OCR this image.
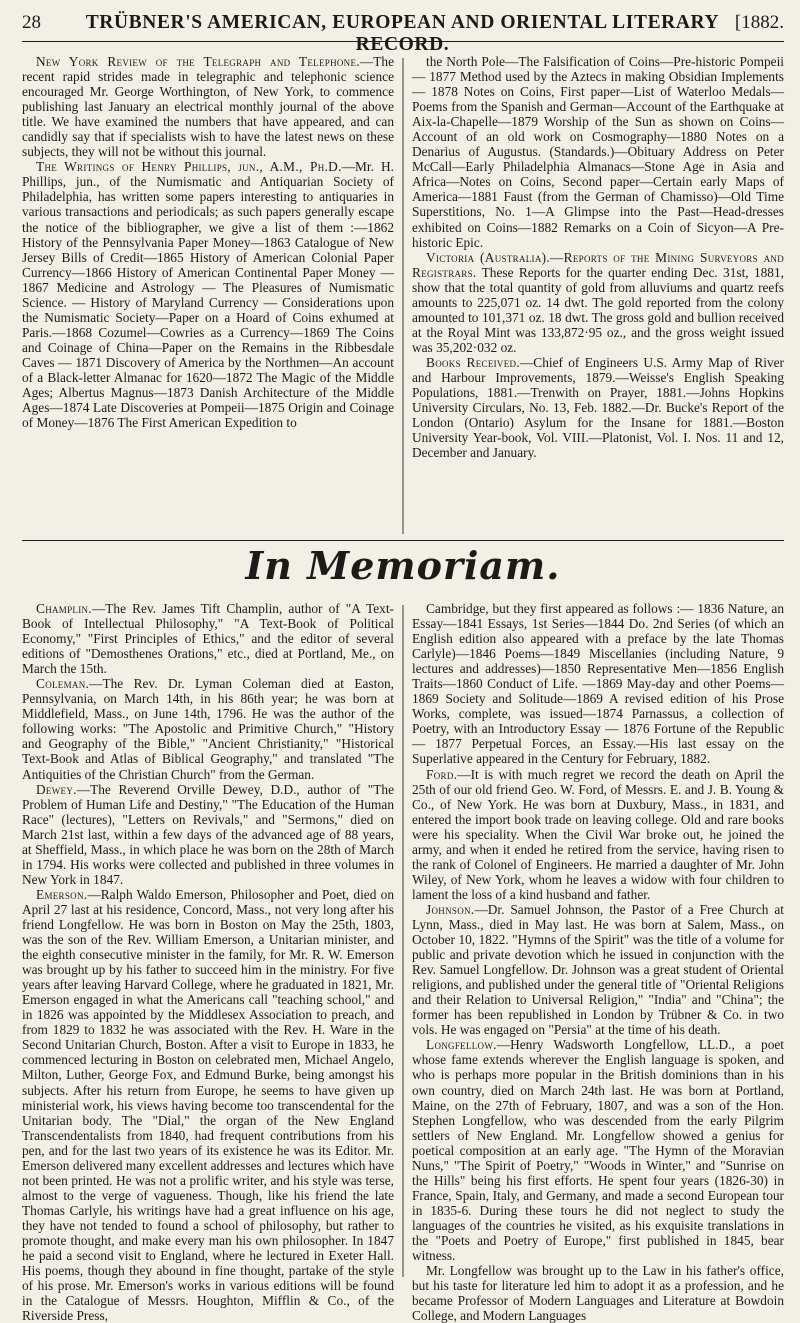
28	TRÜBNER'S AMERICAN, EUROPEAN AND ORIENTAL LITERARY RECORD.
[1882.

New York Review of the Telegraph and Telephone.—The recent rapid strides made in telegraphic and telephonic science encouraged Mr. George Worthington, of New York, to commence publishing last January an electrical monthly journal of the above title. We have examined the numbers that have appeared, and can candidly say that if specialists wish to have the latest news on these subjects, they will not be without this journal.

The Writings of Henry Phillips, jun., A.M., Ph.D.—Mr. H. Phillips, jun., of the Numismatic and Antiquarian Society of Philadelphia, has written some papers interesting to antiquaries in various transactions and periodicals; as such papers generally escape the notice of the bibliographer, we give a list of them :—1862 History of the Pennsylvania Paper Money—1863 Catalogue of New Jersey Bills of Credit—1865 History of American Colonial Paper Currency—1866 History of American Continental Paper Money — 1867 Medicine and Astrology — The Pleasures of Numismatic Science. — History of Maryland Currency — Considerations upon the Numismatic Society—Paper on a Hoard of Coins exhumed at Paris.—1868 Cozumel—Cowries as a Currency—1869 The Coins and Coinage of China—Paper on the Remains in the Ribbesdale Caves — 1871 Discovery of America by the Northmen—An account of a Black-letter Almanac for 1620—1872 The Magic of the Middle Ages; Albertus Magnus—1873 Danish Architecture of the Middle Ages—1874 Late Discoveries at Pompeii—1875 Origin and Coinage of Money—1876 The First American Expedition to

the North Pole—The Falsification of Coins—Pre-historic Pompeii — 1877 Method used by the Aztecs in making Obsidian Implements — 1878 Notes on Coins, First paper—List of Waterloo Medals—Poems from the Spanish and German—Account of the Earthquake at Aix-la-Chapelle—1879 Worship of the Sun as shown on Coins—Account of an old work on Cosmography—1880 Notes on a Denarius of Augustus. (Standards.)—Obituary Address on Peter McCall—Early Philadelphia Almanacs—Stone Age in Asia and Africa—Notes on Coins, Second paper—Certain early Maps of America—1881 Faust (from the German of Chamisso)—Old Time Superstitions, No. 1—A Glimpse into the Past—Head-dresses exhibited on Coins—1882 Remarks on a Coin of Sicyon—A Pre-historic Epic.

Victoria (Australia).—Reports of the Mining Surveyors and Registrars. These Reports for the quarter ending Dec. 31st, 1881, show that the total quantity of gold from alluviums and quartz reefs amounts to 225,071 oz. 14 dwt. The gold reported from the colony amounted to 101,371 oz. 18 dwt. The gross gold and bullion received at the Royal Mint was 133,872·95 oz., and the gross weight issued was 35,202·032 oz.

Books Received.—Chief of Engineers U.S. Army Map of River and Harbour Improvements, 1879.—Weisse's English Speaking Populations, 1881.—Trenwith on Prayer, 1881.—Johns Hopkins University Circulars, No. 13, Feb. 1882.—Dr. Bucke's Report of the London (Ontario) Asylum for the Insane for 1881.—Boston University Year-book, Vol. VIII.—Platonist, Vol. I. Nos. 11 and 12, December and January.

In Memoriam.

Champlin.—The Rev. James Tift Champlin, author of "A Text-Book of Intellectual Philosophy," "A Text-Book of Political Economy," "First Principles of Ethics," and the editor of several editions of "Demosthenes Orations," etc., died at Portland, Me., on March the 15th.

Coleman.—The Rev. Dr. Lyman Coleman died at Easton, Pennsylvania, on March 14th, in his 86th year; he was born at Middlefield, Mass., on June 14th, 1796. He was the author of the following works: "The Apostolic and Primitive Church," "History and Geography of the Bible," "Ancient Christianity," "Historical Text-Book and Atlas of Biblical Geography," and translated "The Antiquities of the Christian Church" from the German.

Dewey.—The Reverend Orville Dewey, D.D., author of "The Problem of Human Life and Destiny," "The Education of the Human Race" (lectures), "Letters on Revivals," and "Sermons," died on March 21st last, within a few days of the advanced age of 88 years, at Sheffield, Mass., in which place he was born on the 28th of March in 1794. His works were collected and published in three volumes in New York in 1847.

Emerson.—Ralph Waldo Emerson, Philosopher and Poet, died on April 27 last at his residence, Concord, Mass., not very long after his friend Longfellow. He was born in Boston on May the 25th, 1803, was the son of the Rev. William Emerson, a Unitarian minister, and the eighth consecutive minister in the family, for Mr. R. W. Emerson was brought up by his father to succeed him in the ministry. For five years after leaving Harvard College, where he graduated in 1821, Mr. Emerson engaged in what the Americans call "teaching school," and in 1826 was appointed by the Middlesex Association to preach, and from 1829 to 1832 he was associated with the Rev. H. Ware in the Second Unitarian Church, Boston. After a visit to Europe in 1833, he commenced lecturing in Boston on celebrated men, Michael Angelo, Milton, Luther, George Fox, and Edmund Burke, being amongst his subjects. After his return from Europe, he seems to have given up ministerial work, his views having become too transcendental for the Unitarian body. The "Dial," the organ of the New England Transcendentalists from 1840, had frequent contributions from his pen, and for the last two years of its existence he was its Editor. Mr. Emerson delivered many excellent addresses and lectures which have not been printed. He was not a prolific writer, and his style was terse, almost to the verge of vagueness. Though, like his friend the late Thomas Carlyle, his writings have had a great influence on his age, they have not tended to found a school of philosophy, but rather to promote thought, and make every man his own philosopher. In 1847 he paid a second visit to England, where he lectured in Exeter Hall. His poems, though they abound in fine thought, partake of the style of his prose. Mr. Emerson's works in various editions will be found in the Catalogue of Messrs. Houghton, Mifflin & Co., of the Riverside Press,

Cambridge, but they first appeared as follows :— 1836 Nature, an Essay—1841 Essays, 1st Series—1844 Do. 2nd Series (of which an English edition also appeared with a preface by the late Thomas Carlyle)—1846 Poems—1849 Miscellanies (including Nature, 9 lectures and addresses)—1850 Representative Men—1856 English Traits—1860 Conduct of Life. —1869 May-day and other Poems—1869 Society and Solitude—1869 A revised edition of his Prose Works, complete, was issued—1874 Parnassus, a collection of Poetry, with an Introductory Essay — 1876 Fortune of the Republic — 1877 Perpetual Forces, an Essay.—His last essay on the Superlative appeared in the Century for February, 1882.

Ford.—It is with much regret we record the death on April the 25th of our old friend Geo. W. Ford, of Messrs. E. and J. B. Young & Co., of New York. He was born at Duxbury, Mass., in 1831, and entered the import book trade on leaving college. Old and rare books were his speciality. When the Civil War broke out, he joined the army, and when it ended he retired from the service, having risen to the rank of Colonel of Engineers. He married a daughter of Mr. John Wiley, of New York, whom he leaves a widow with four children to lament the loss of a kind husband and father.

Johnson.—Dr. Samuel Johnson, the Pastor of a Free Church at Lynn, Mass., died in May last. He was born at Salem, Mass., on October 10, 1822. "Hymns of the Spirit" was the title of a volume for public and private devotion which he issued in conjunction with the Rev. Samuel Longfellow. Dr. Johnson was a great student of Oriental religions, and published under the general title of "Oriental Religions and their Relation to Universal Religion," "India" and "China"; the former has been republished in London by Trübner & Co. in two vols. He was engaged on "Persia" at the time of his death.

Longfellow.—Henry Wadsworth Longfellow, LL.D., a poet whose fame extends wherever the English language is spoken, and who is perhaps more popular in the British dominions than in his own country, died on March 24th last. He was born at Portland, Maine, on the 27th of February, 1807, and was a son of the Hon. Stephen Longfellow, who was descended from the early Pilgrim settlers of New England. Mr. Longfellow showed a genius for poetical composition at an early age. "The Hymn of the Moravian Nuns," "The Spirit of Poetry," "Woods in Winter," and "Sunrise on the Hills" being his first efforts. He spent four years (1826-30) in France, Spain, Italy, and Germany, and made a second European tour in 1835-6. During these tours he did not neglect to study the languages of the countries he visited, as his exquisite translations in the "Poets and Poetry of Europe," first published in 1845, bear witness.

Mr. Longfellow was brought up to the Law in his father's office, but his taste for literature led him to adopt it as a profession, and he became Professor of Modern Languages and Literature at Bowdoin College, and Modern Languages
